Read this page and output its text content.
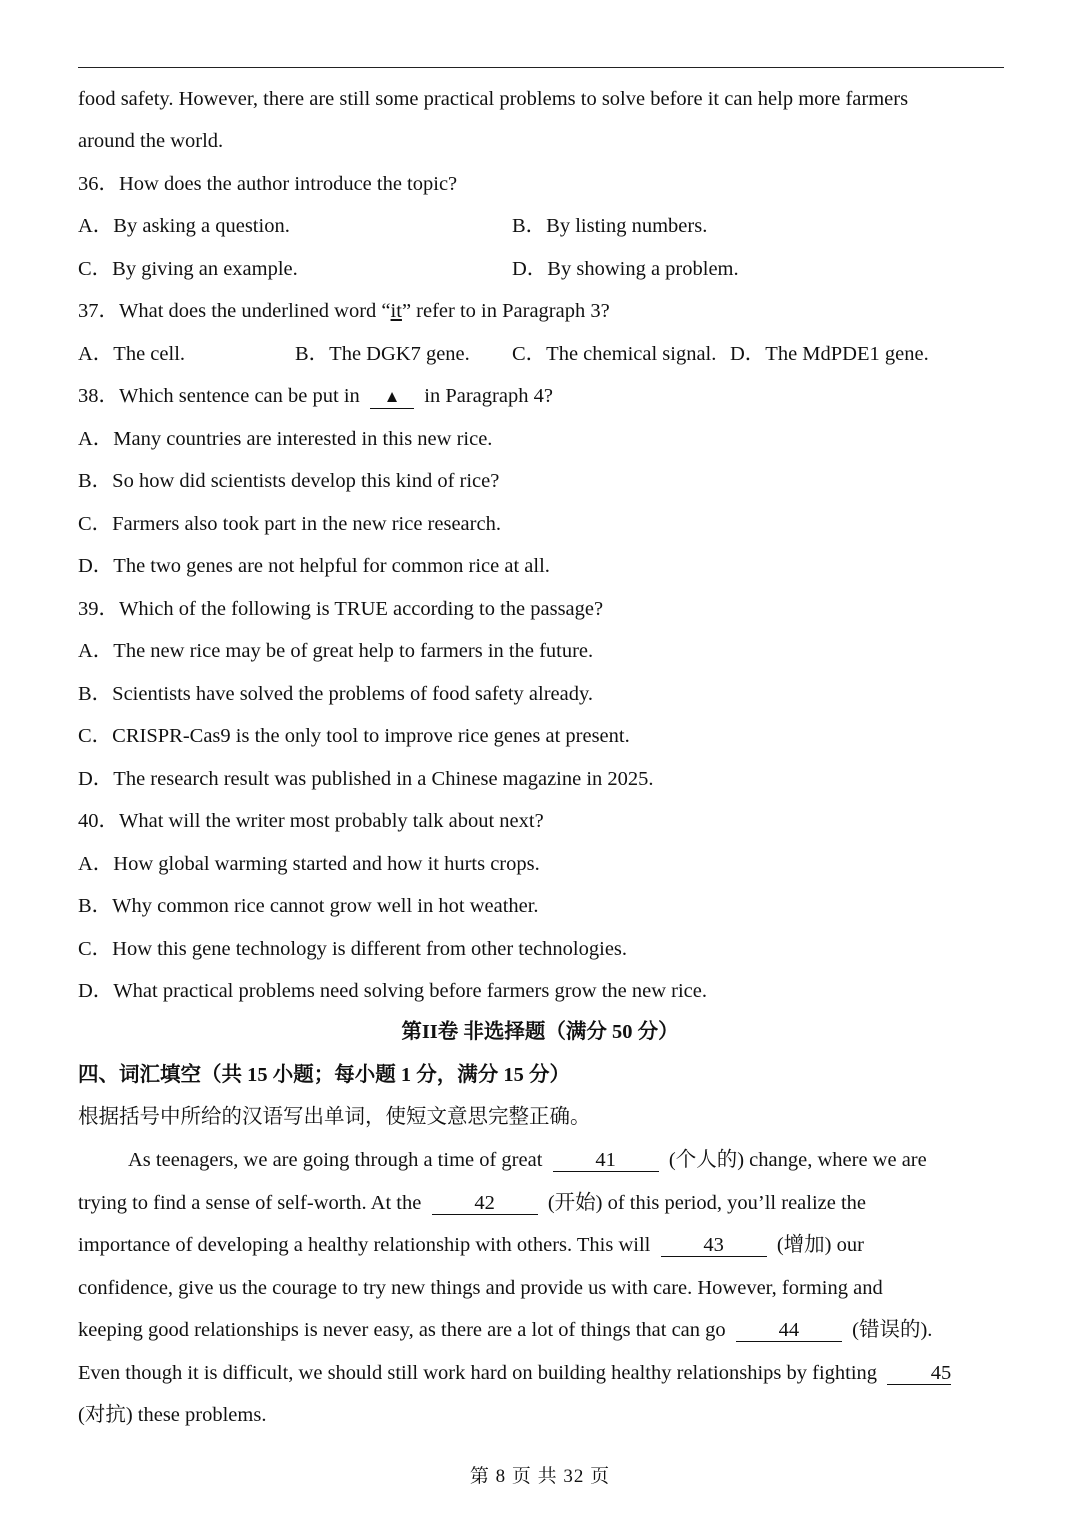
food safety. However, there are still some practical problems to solve before it can help more farmers
around the world.
36．How does the author introduce the topic?
A．By asking a question.	B．By listing numbers.
C．By giving an example.	D．By showing a problem.
37．What does the underlined word “it” refer to in Paragraph 3?
A．The cell.	B．The DGK7 gene. C．The chemical signal. D．The MdPDE1 gene.
38．Which sentence can be put in ▲ in Paragraph 4?
A．Many countries are interested in this new rice.
B．So how did scientists develop this kind of rice?
C．Farmers also took part in the new rice research.
D．The two genes are not helpful for common rice at all.
39．Which of the following is TRUE according to the passage?
A．The new rice may be of great help to farmers in the future.
B．Scientists have solved the problems of food safety already.
C．CRISPR-Cas9 is the only tool to improve rice genes at present.
D．The research result was published in a Chinese magazine in 2025.
40．What will the writer most probably talk about next?
A．How global warming started and how it hurts crops.
B．Why common rice cannot grow well in hot weather.
C．How this gene technology is different from other technologies.
D．What practical problems need solving before farmers grow the new rice.
第II卷 非选择题（满分 50 分）
四、词汇填空（共 15 小题；每小题 1 分，满分 15 分）
根据括号中所给的汉语写出单词，使短文意思完整正确。
As teenagers, we are going through a time of great	41	(个人的) change, where we are
trying to find a sense of self-worth. At the	42	(开始) of this period, you’ll realize the
importance of developing a healthy relationship with others. This will	43	(增加) our
confidence, give us the courage to try new things and provide us with care. However, forming and
keeping good relationships is never easy, as there are a lot of things that can go	44	(错误的).
Even though it is difficult, we should still work hard on building healthy relationships by fighting	45
(对抗) these problems.
第 8 页 共 32 页
